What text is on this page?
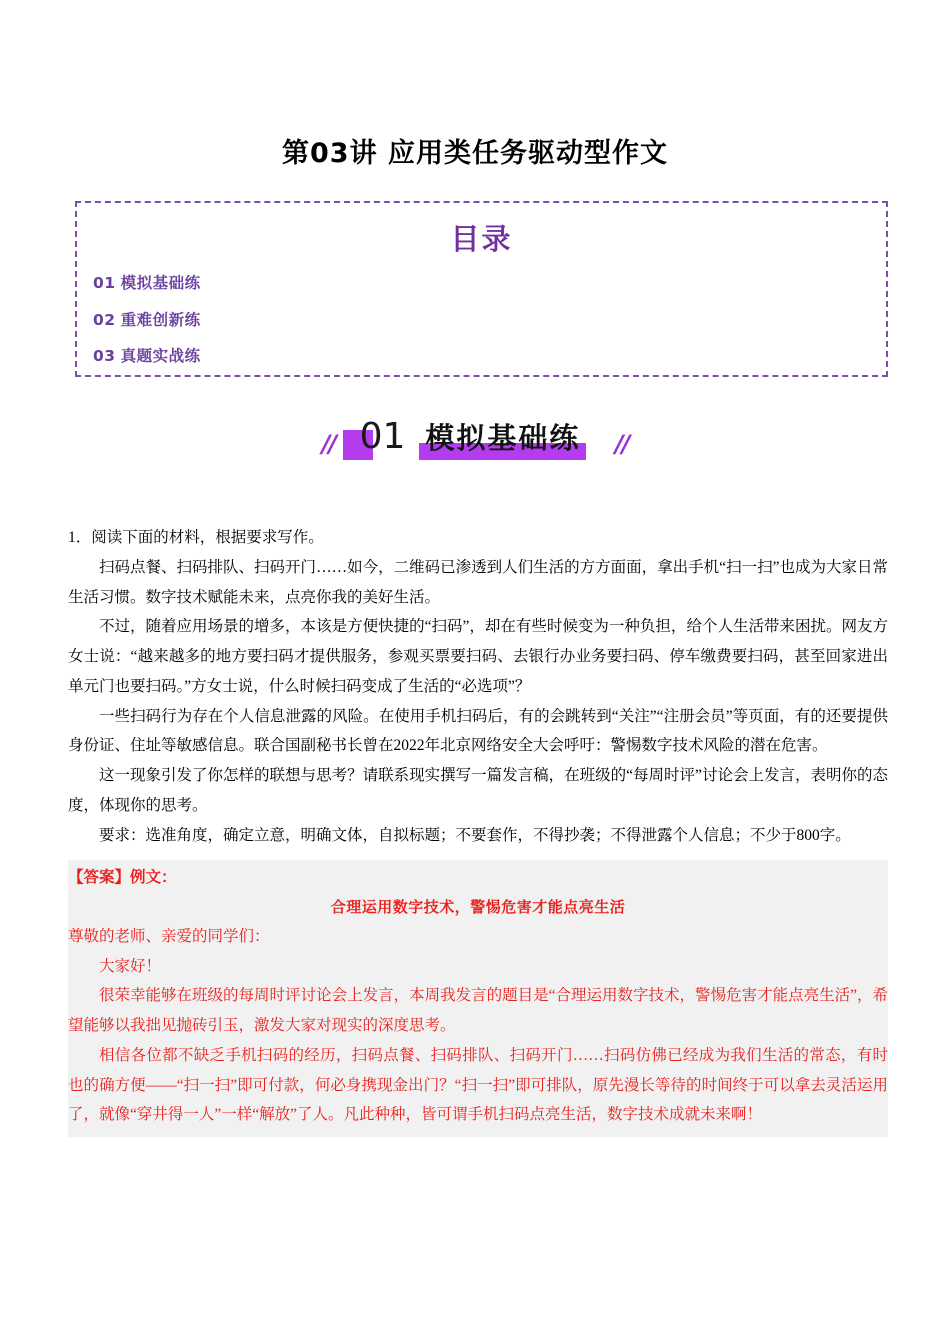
第03讲 应用类任务驱动型作文
目录
01 模拟基础练
02 重难创新练
03 真题实战练
01 模拟基础练
//	//

1．阅读下面的材料，根据要求写作。

扫码点餐、扫码排队、扫码开门……如今，二维码已渗透到人们生活的方方面面，拿出手机“扫一扫”也成为大家日常生活习惯。数字技术赋能未来，点亮你我的美好生活。

不过，随着应用场景的增多，本该是方便快捷的“扫码”，却在有些时候变为一种负担，给个人生活带来困扰。网友方女士说：“越来越多的地方要扫码才提供服务，参观买票要扫码、去银行办业务要扫码、停车缴费要扫码，甚至回家进出单元门也要扫码。”方女士说，什么时候扫码变成了生活的“必选项”？

一些扫码行为存在个人信息泄露的风险。在使用手机扫码后，有的会跳转到“关注”“注册会员”等页面，有的还要提供身份证、住址等敏感信息。联合国副秘书长曾在2022年北京网络安全大会呼吁：警惕数字技术风险的潜在危害。

这一现象引发了你怎样的联想与思考？请联系现实撰写一篇发言稿，在班级的“每周时评”讨论会上发言，表明你的态度，体现你的思考。

要求：选准角度，确定立意，明确文体，自拟标题；不要套作，不得抄袭；不得泄露个人信息；不少于800字。

【答案】例文：

合理运用数字技术，警惕危害才能点亮生活

尊敬的老师、亲爱的同学们：

大家好！

很荣幸能够在班级的每周时评讨论会上发言，本周我发言的题目是“合理运用数字技术，警惕危害才能点亮生活”，希望能够以我拙见抛砖引玉，激发大家对现实的深度思考。

相信各位都不缺乏手机扫码的经历，扫码点餐、扫码排队、扫码开门……扫码仿佛已经成为我们生活的常态，有时也的确方便——“扫一扫”即可付款，何必身携现金出门？“扫一扫”即可排队，原先漫长等待的时间终于可以拿去灵活运用了，就像“穿井得一人”一样“解放”了人。凡此种种，皆可谓手机扫码点亮生活，数字技术成就未来啊！
